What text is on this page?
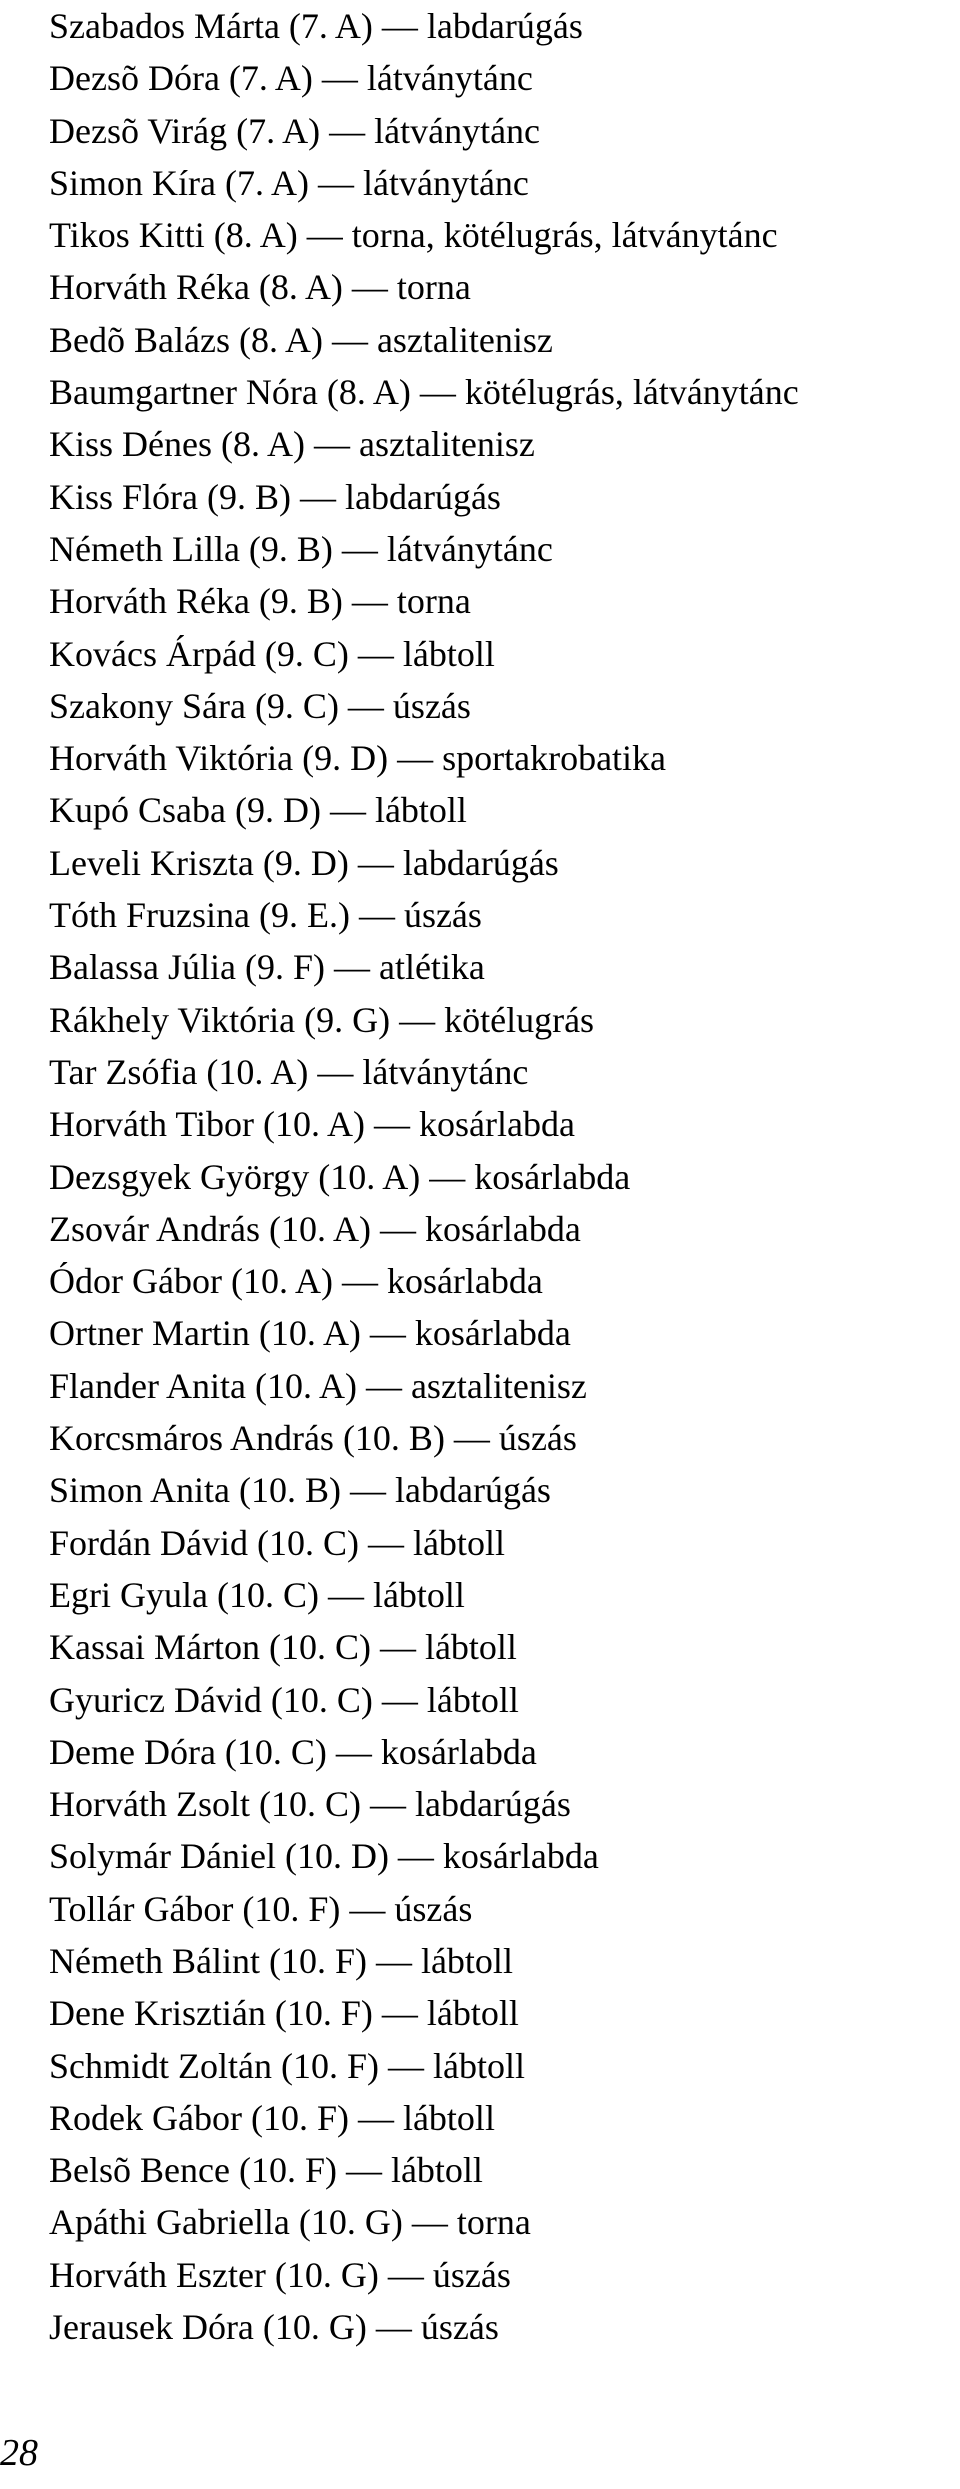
Szabados Márta (7. A) — labdarúgás
Dezsõ Dóra (7. A) — látványtánc
Dezsõ Virág (7. A) — látványtánc
Simon Kíra (7. A) — látványtánc
Tikos Kitti (8. A) — torna, kötélugrás, látványtánc
Horváth Réka (8. A) — torna
Bedõ Balázs (8. A) — asztalitenisz
Baumgartner Nóra (8. A) — kötélugrás, látványtánc
Kiss Dénes (8. A) — asztalitenisz
Kiss Flóra (9. B) — labdarúgás
Németh Lilla (9. B) — látványtánc
Horváth Réka (9. B) — torna
Kovács Árpád (9. C) — lábtoll
Szakony Sára (9. C) — úszás
Horváth Viktória (9. D) — sportakrobatika
Kupó Csaba (9. D) — lábtoll
Leveli Kriszta (9. D) — labdarúgás
Tóth Fruzsina (9. E.) — úszás
Balassa Júlia (9. F) — atlétika
Rákhely Viktória (9. G) — kötélugrás
Tar Zsófia (10. A) — látványtánc
Horváth Tibor (10. A) — kosárlabda
Dezsgyek György (10. A) — kosárlabda
Zsovár András (10. A) — kosárlabda
Ódor Gábor (10. A) — kosárlabda
Ortner Martin (10. A) — kosárlabda
Flander Anita (10. A) — asztalitenisz
Korcsmáros András (10. B) — úszás
Simon Anita (10. B) — labdarúgás
Fordán Dávid (10. C) — lábtoll
Egri Gyula (10. C) — lábtoll
Kassai Márton (10. C) — lábtoll
Gyuricz Dávid (10. C) — lábtoll
Deme Dóra (10. C) — kosárlabda
Horváth Zsolt (10. C) — labdarúgás
Solymár Dániel (10. D) — kosárlabda
Tollár Gábor (10. F) — úszás
Németh Bálint (10. F) — lábtoll
Dene Krisztián (10. F) — lábtoll
Schmidt Zoltán (10. F) — lábtoll
Rodek Gábor (10. F) — lábtoll
Belsõ Bence (10. F) — lábtoll
Apáthi Gabriella (10. G) — torna
Horváth Eszter (10. G) — úszás
Jerausek Dóra (10. G) — úszás
28
